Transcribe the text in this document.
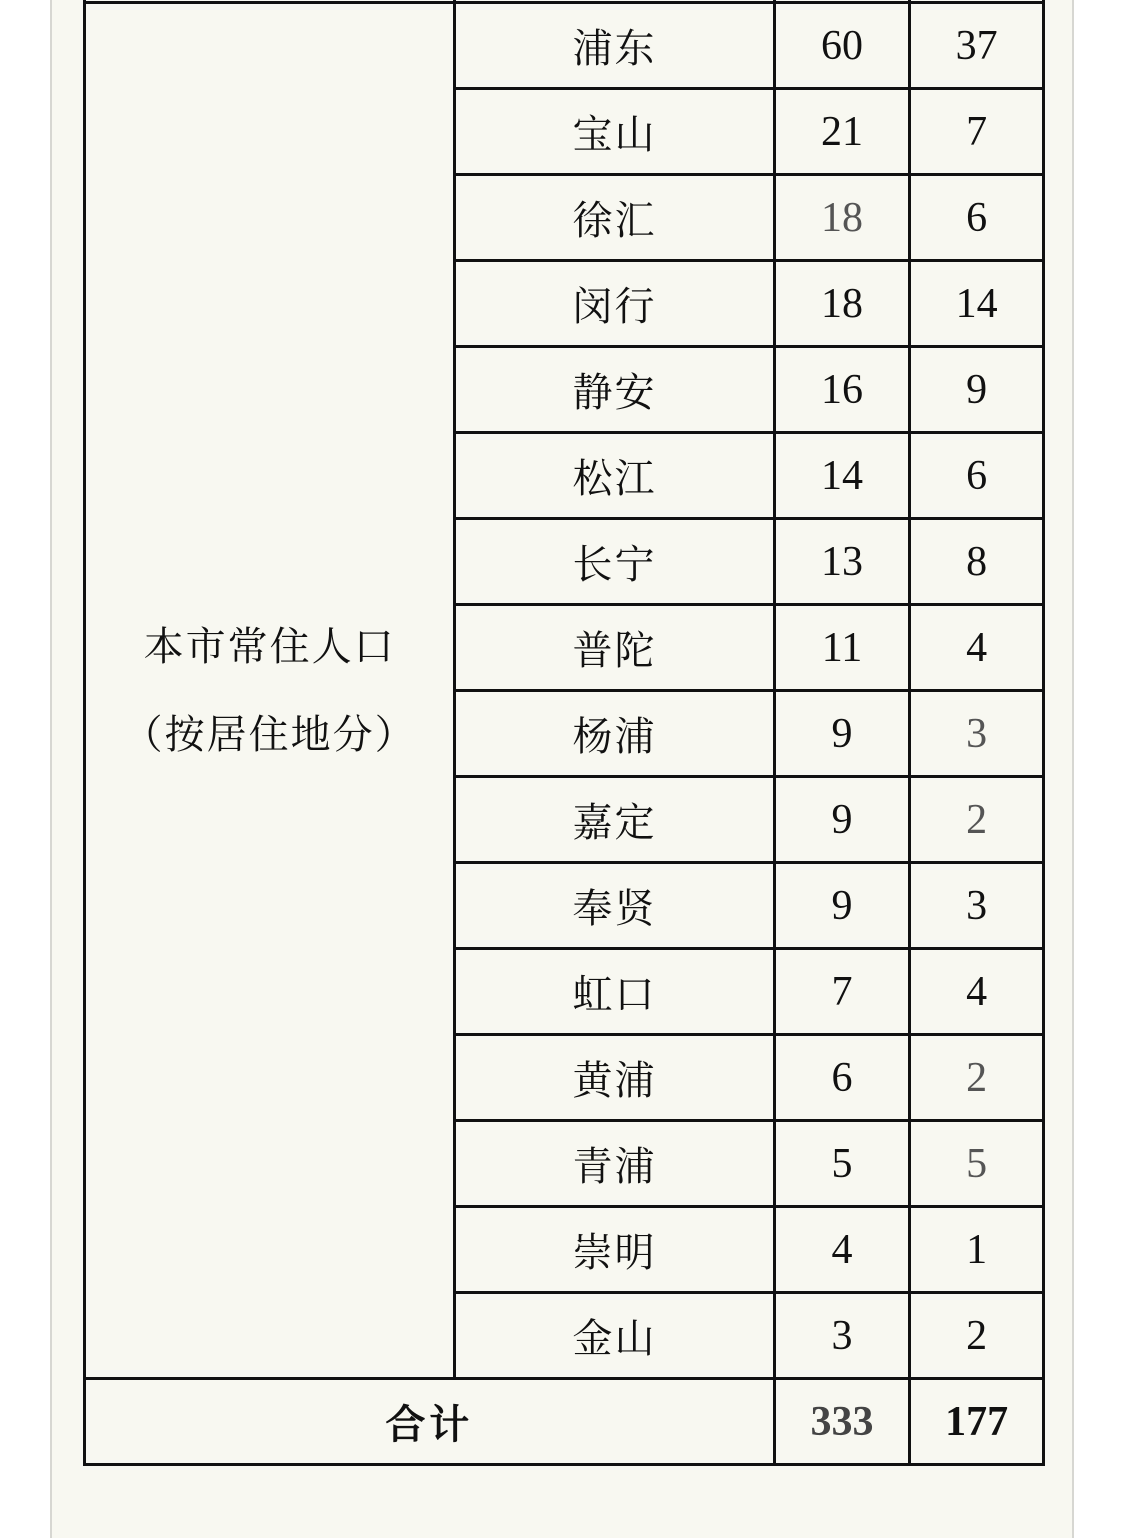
本市常住人口
（按居住地分）	浦东	60	37
	宝山	21	7
	徐汇	18	6
	闵行	18	14
	静安	16	9
	松江	14	6
	长宁	13	8
	普陀	11	4
	杨浦	9	3
	嘉定	9	2
	奉贤	9	3
	虹口	7	4
	黄浦	6	2
	青浦	5	5
	崇明	4	1
	金山	3	2
合计		333	177
